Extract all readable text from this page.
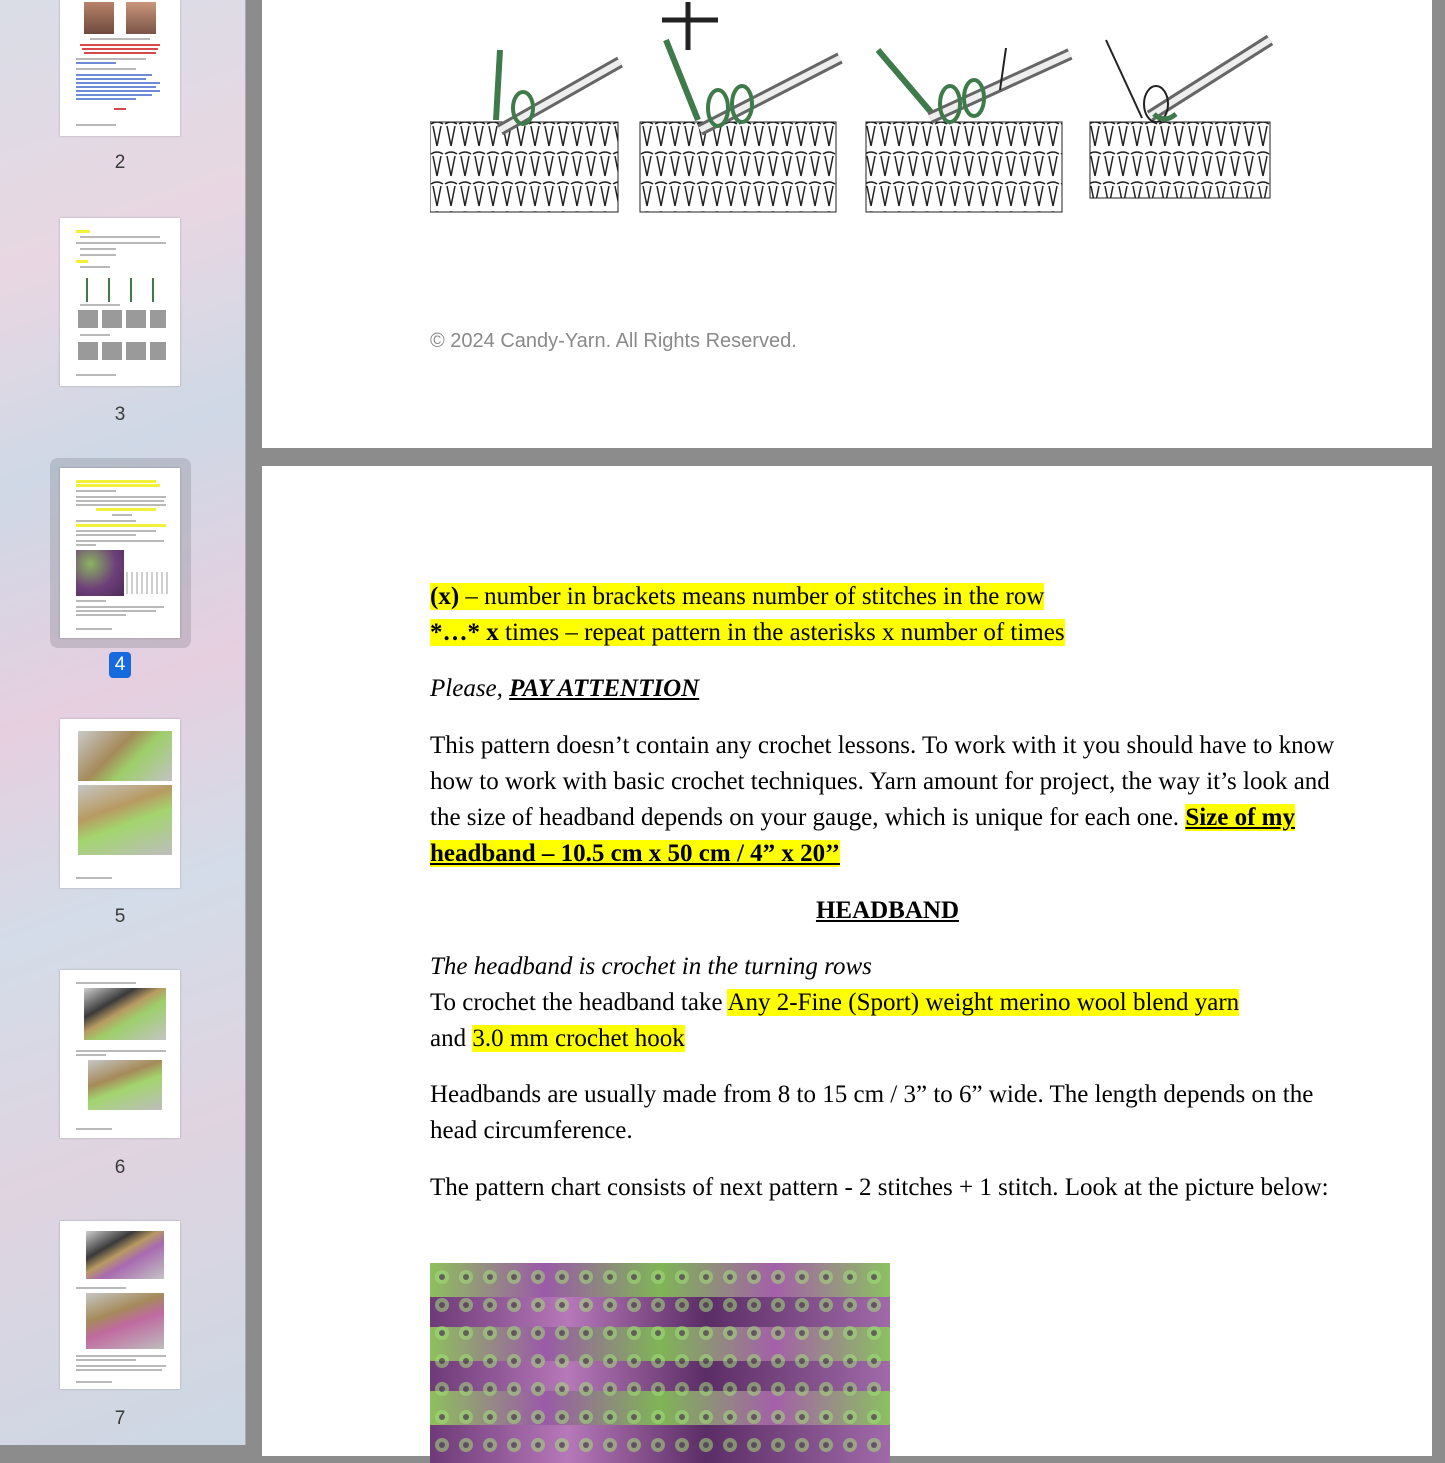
2
3
4
5
6
7
© 2024 Candy-Yarn. All Rights Reserved.
(x) – number in brackets means number of stitches in the row
*…* x times – repeat pattern in the asterisks x number of times
Please, PAY ATTENTION
This pattern doesn’t contain any crochet lessons. To work with it you should have to know how to work with basic crochet techniques. Yarn amount for project, the way it’s look and the size of headband depends on your gauge, which is unique for each one. Size of my headband – 10.5 cm x 50 cm / 4” x 20’’
HEADBAND
The headband is crochet in the turning rows
To crochet the headband take Any 2-Fine (Sport) weight merino wool blend yarn
and 3.0 mm crochet hook
Headbands are usually made from 8 to 15 cm / 3” to 6” wide. The length depends on the head circumference.
The pattern chart consists of next pattern - 2 stitches + 1 stitch. Look at the picture below:
